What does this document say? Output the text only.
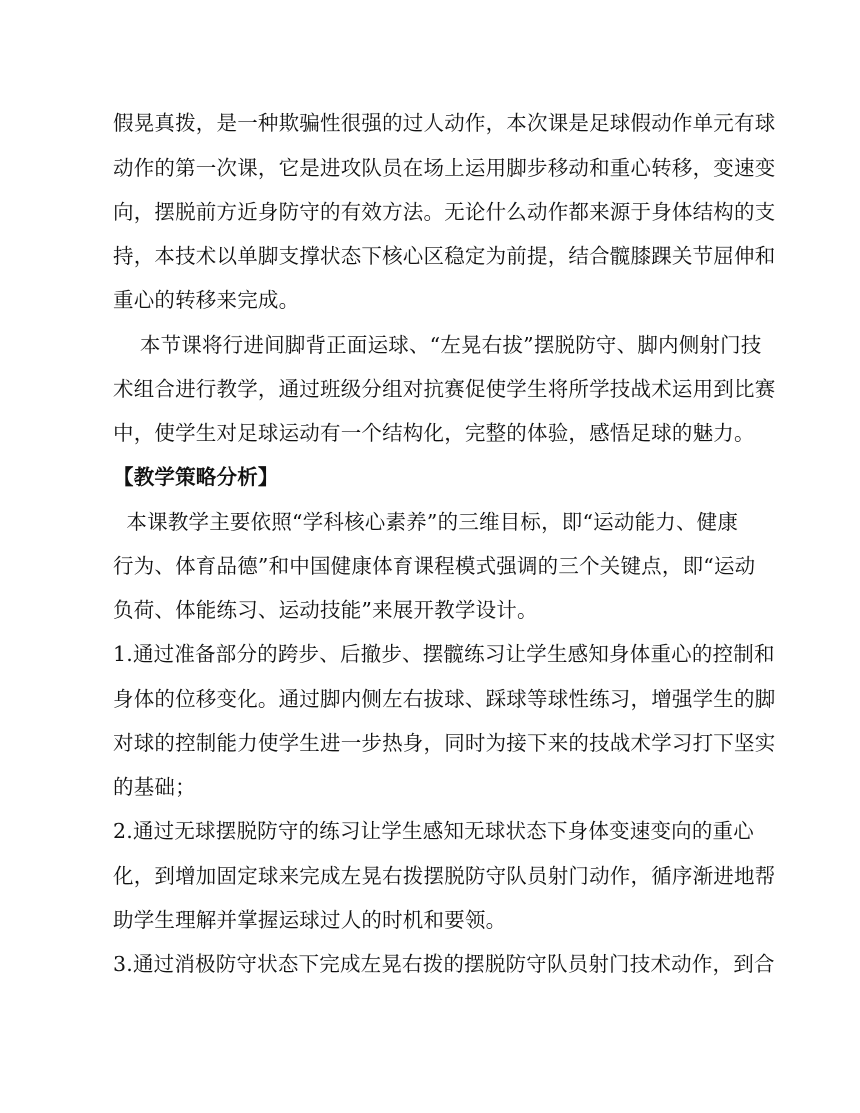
假晃真拨，是一种欺骗性很强的过人动作，本次课是足球假动作单元有球
动作的第一次课，它是进攻队员在场上运用脚步移动和重心转移，变速变
向，摆脱前方近身防守的有效方法。无论什么动作都来源于身体结构的支
持，本技术以单脚支撑状态下核心区稳定为前提，结合髋膝踝关节屈伸和
重心的转移来完成。
本节课将行进间脚背正面运球、“左晃右拔”摆脱防守、脚内侧射门技
术组合进行教学，通过班级分组对抗赛促使学生将所学技战术运用到比赛
中，使学生对足球运动有一个结构化，完整的体验，感悟足球的魅力。
【教学策略分析】
本课教学主要依照“学科核心素养”的三维目标，即“运动能力、健康
行为、体育品德”和中国健康体育课程模式强调的三个关键点，即“运动
负荷、体能练习、运动技能”来展开教学设计。
1.通过准备部分的跨步、后撤步、摆髋练习让学生感知身体重心的控制和
身体的位移变化。通过脚内侧左右拔球、踩球等球性练习，增强学生的脚
对球的控制能力使学生进一步热身，同时为接下来的技战术学习打下坚实
的基础；
2.通过无球摆脱防守的练习让学生感知无球状态下身体变速变向的重心
化，到增加固定球来完成左晃右拨摆脱防守队员射门动作，循序渐进地帮
助学生理解并掌握运球过人的时机和要领。
3.通过消极防守状态下完成左晃右拨的摆脱防守队员射门技术动作，到合
